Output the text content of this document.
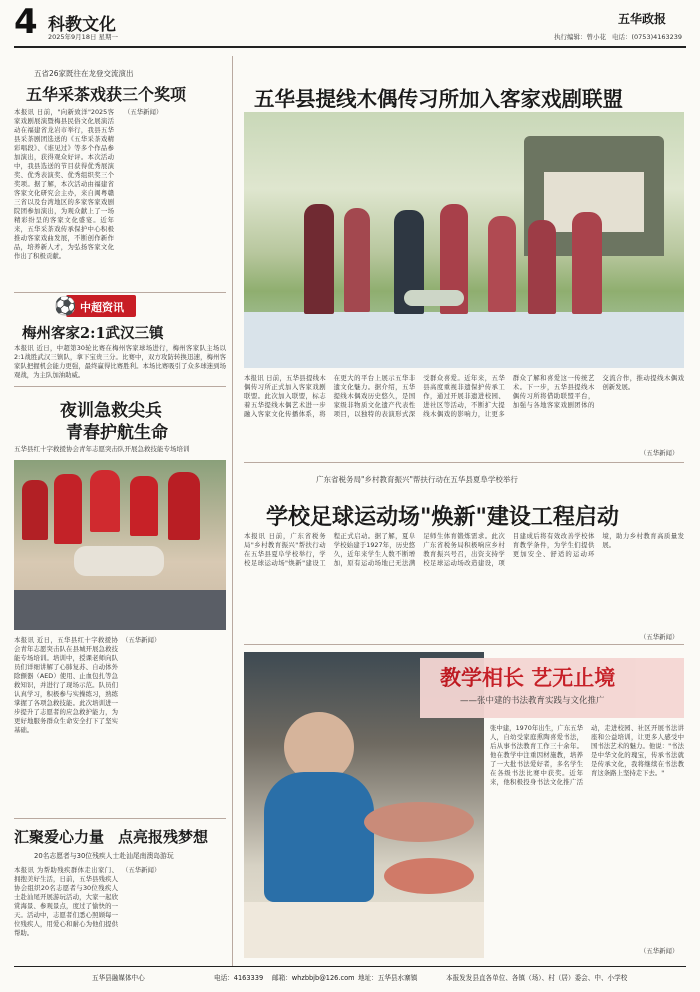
4 科教文化
2025年9月18日 星期一	执行编辑：曾小花 电话：(0753)4163239
五华政报
五省26家既往在龙登交流演出
五华采茶戏获三个奖项
本报讯 日前，"向新致洋"2025客家戏剧展演暨梅县民俗文化展演活动在福建省龙岩市举行，我县五华县采茶剧团选送的《五华采茶戏精彩唱段》、《谁见过》等多个作品参加演出，获得观众好评。本次活动中，我县选送的节目获得优秀展演奖、优秀表演奖、优秀组织奖三个奖项。据了解，本次活动由福建省客家文化研究会主办，来自闽粤赣三省以及台湾地区的多家客家戏剧院团参加演出，为观众献上了一场精彩纷呈的客家文化盛宴。近年来，五华采茶戏传承保护中心积极推动客家戏曲发展，不断创作新作品，培养新人才，为弘扬客家文化作出了积极贡献。
（五华新闻）
⚽ 中超资讯
梅州客家2:1武汉三镇
本报讯 近日，中超第30轮比赛在梅州客家球场进行，梅州客家队主场以2:1战胜武汉三镇队，拿下宝贵三分。比赛中，双方攻防转换迅速，梅州客家队把握机会能力更强，最终赢得比赛胜利。本场比赛吸引了众多球迷到场观战，为主队加油助威。
夜训急救尖兵
青春护航生命
五华县红十字救援协会青年志愿突击队开展急救技能专场培训
本报讯 近日，五华县红十字救援协会青年志愿突击队在县城开展急救技能专场培训。培训中，授课老师向队员们详细讲解了心肺复苏、自动体外除颤器（AED）使用、止血包扎等急救知识，并进行了现场示范。队员们认真学习，积极参与实操练习，熟练掌握了各项急救技能。此次培训进一步提升了志愿者的应急救护能力，为更好地服务群众生命安全打下了坚实基础。
（五华新闻）
汇聚爱心力量 点亮报残梦想
20名志愿者与30位残疾人士赴汕尾南澳岛游玩
本报讯 为帮助残疾群体走出家门、拥抱美好生活，日前，五华县残疾人协会组织20名志愿者与30位残疾人士赴汕尾开展游玩活动，大家一起欣赏海景、参观景点，度过了愉快的一天。活动中，志愿者们悉心照顾每一位残疾人，用爱心和耐心为他们提供帮助。
（五华新闻）
五华县提线木偶传习所加入客家戏剧联盟
本报讯 日前，五华县提线木偶传习所正式加入客家戏剧联盟。此次加入联盟，标志着五华提线木偶艺术进一步融入客家文化传播体系，将在更大的平台上展示五华非遗文化魅力。据介绍，五华提线木偶戏历史悠久，是国家级非物质文化遗产代表性项目，以独特的表演形式深受群众喜爱。近年来，五华县高度重视非遗保护传承工作，通过开展非遗进校园、进社区等活动，不断扩大提线木偶戏的影响力，让更多群众了解和喜爱这一传统艺术。下一步，五华县提线木偶传习所将借助联盟平台，加强与各地客家戏剧团体的交流合作，推动提线木偶戏创新发展。
（五华新闻）
广东省税务局"乡村教育振兴"帮扶行动在五华县夏阜学校举行
学校足球运动场"焕新"建设工程启动
本报讯 日前，广东省税务局"乡村教育振兴"帮扶行动在五华县夏阜学校举行，学校足球运动场"焕新"建设工程正式启动。据了解，夏阜学校始建于1927年，历史悠久，近年来学生人数不断增加，原有运动场地已无法满足师生体育锻炼需求。此次广东省税务局积极响应乡村教育振兴号召，出资支持学校足球运动场改造建设，项目建成后将有效改善学校体育教学条件，为学生们提供更加安全、舒适的运动环境，助力乡村教育高质量发展。
（五华新闻）
教学相长 艺无止境
——张中建的书法教育实践与文化推广
张中建，1970年出生，广东五华人，自幼受家庭熏陶喜爱书法，后从事书法教育工作三十余年。他在教学中注重因材施教，培养了一大批书法爱好者，多名学生在各级书法比赛中获奖。近年来，他积极投身书法文化推广活动，走进校园、社区开展书法讲座和公益培训，让更多人感受中国书法艺术的魅力。他说："书法是中华文化的瑰宝，传承书法就是传承文化，我将继续在书法教育这条路上坚持走下去。"
（五华新闻）
五华县融媒体中心	电话：4163339 邮箱：whzbbjb@126.com 地址：五华县水寨镇	本报发发县直各单位、各镇（场）、村（居）委会、中、小学校
